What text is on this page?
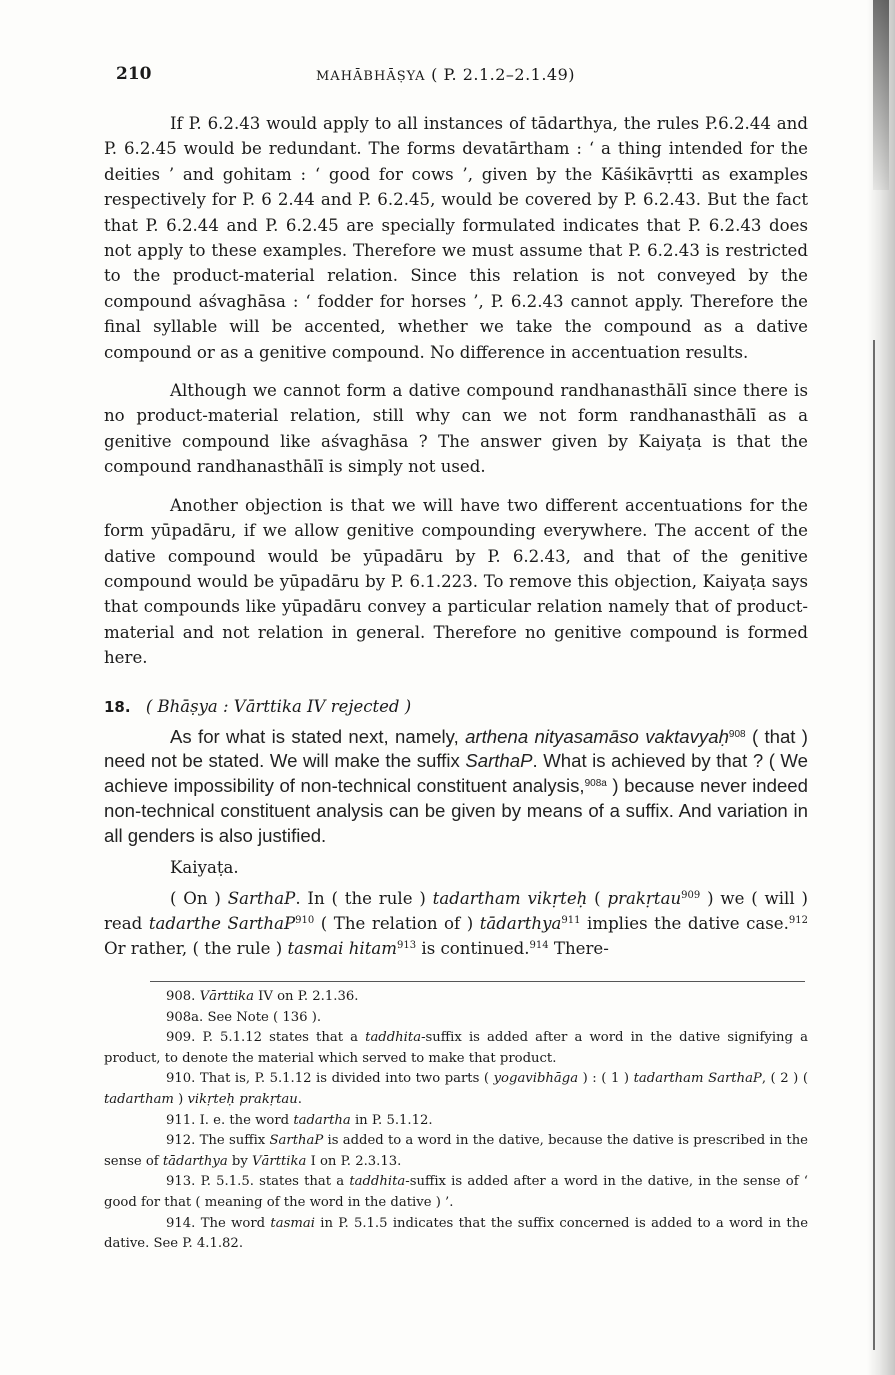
210	MAHĀBHĀṢYA ( P. 2.1.2–2.1.49)

If P. 6.2.43 would apply to all instances of tādarthya, the rules P.6.2.44 and P. 6.2.45 would be redundant. The forms devatārtham : ‘ a thing intended for the deities ’ and gohitam : ‘ good for cows ’, given by the Kāśikāvṛtti as examples respectively for P. 6 2.44 and P. 6.2.45, would be covered by P. 6.2.43. But the fact that P. 6.2.44 and P. 6.2.45 are specially formulated indicates that P. 6.2.43 does not apply to these examples. Therefore we must assume that P. 6.2.43 is restricted to the product-material relation. Since this relation is not conveyed by the compound aśvaghāsa : ‘ fodder for horses ’, P. 6.2.43 cannot apply. Therefore the final syllable will be accented, whether we take the compound as a dative compound or as a genitive compound. No difference in accentuation results.

Although we cannot form a dative compound randhanasthālī since there is no product-material relation, still why can we not form randhanasthālī as a genitive compound like aśvaghāsa ? The answer given by Kaiyaṭa is that the compound randhanasthālī is simply not used.

Another objection is that we will have two different accentuations for the form yūpadāru, if we allow genitive compounding everywhere. The accent of the dative compound would be yūpadāru by P. 6.2.43, and that of the genitive compound would be yūpadāru by P. 6.1.223. To remove this objection, Kaiyaṭa says that compounds like yūpadāru convey a particular relation namely that of product-material and not relation in general. Therefore no genitive compound is formed here.

18. ( Bhāṣya : Vārttika IV rejected )

As for what is stated next, namely, arthena nityasamāso vaktavyaḥ$^{908}$ ( that ) need not be stated. We will make the suffix SarthaP. What is achieved by that ? ( We achieve impossibility of non-technical constituent analysis,$^{908a}$ ) because never indeed non-technical constituent analysis can be given by means of a suffix. And variation in all genders is also justified.

Kaiyaṭa.

( On ) SarthaP. In ( the rule ) tadartham vikṛteḥ ( prakṛtau$^{909}$ ) we ( will ) read tadarthe SarthaP$^{910}$ ( The relation of ) tādarthya$^{911}$ implies the dative case.$^{912}$ Or rather, ( the rule ) tasmai hitam$^{913}$ is continued.$^{914}$ There-

908. Vārttika IV on P. 2.1.36.

908a. See Note ( 136 ).

909. P. 5.1.12 states that a taddhita-suffix is added after a word in the dative signifying a product, to denote the material which served to make that product.

910. That is, P. 5.1.12 is divided into two parts ( yogavibhāga ) : ( 1 ) tadartham SarthaP, ( 2 ) ( tadartham ) vikṛteḥ prakṛtau.

911. I. e. the word tadartha in P. 5.1.12.

912. The suffix SarthaP is added to a word in the dative, because the dative is prescribed in the sense of tādarthya by Vārttika I on P. 2.3.13.

913. P. 5.1.5. states that a taddhita-suffix is added after a word in the dative, in the sense of ‘ good for that ( meaning of the word in the dative ) ’.

914. The word tasmai in P. 5.1.5 indicates that the suffix concerned is added to a word in the dative. See P. 4.1.82.
